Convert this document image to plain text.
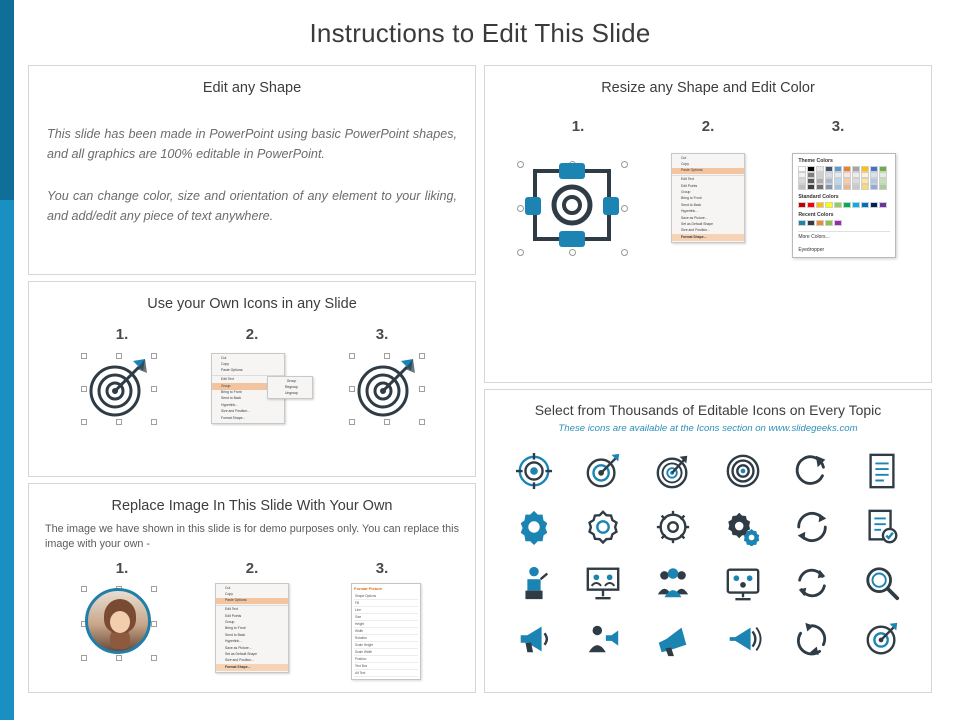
Instructions to Edit This Slide
Edit any Shape
This slide has been made in PowerPoint using basic PowerPoint shapes, and all graphics are 100% editable in PowerPoint.
You can change color, size and orientation of any element to your liking, and add/edit any piece of text anywhere.
Use your Own Icons in any Slide
1.	2.	3.
Cut
Copy
Paste Options:
Edit Text
Group
Bring to Front
Send to Back
Hyperlink...
Size and Position...
Format Shape...
Group
Regroup
Ungroup
Replace Image In This Slide With Your Own
The image we have shown in this slide is for demo purposes only. You can replace this image with your own -
1.	2.	3.
Cut
Copy
Paste Options:
Edit Text
Edit Points
Group
Bring to Front
Send to Back
Hyperlink...
Save as Picture...
Set as Default Shape
Size and Position...
Format Shape...
Format Picture
Shape Options
Fill
Line
Size
Height
Width
Rotation
Scale Height
Scale Width
Position
Text Box
Alt Text
Resize any Shape and Edit Color
1.	2.	3.
Cut
Copy
Paste Options:
Edit Text
Edit Points
Group
Bring to Front
Send to Back
Hyperlink...
Save as Picture...
Set as Default Shape
Size and Position...
Format Shape...
Theme Colors
Standard Colors
Recent Colors
More Colors...
Eyedropper
Select from Thousands of Editable Icons on Every Topic
These icons are available at the Icons section on www.slidegeeks.com
